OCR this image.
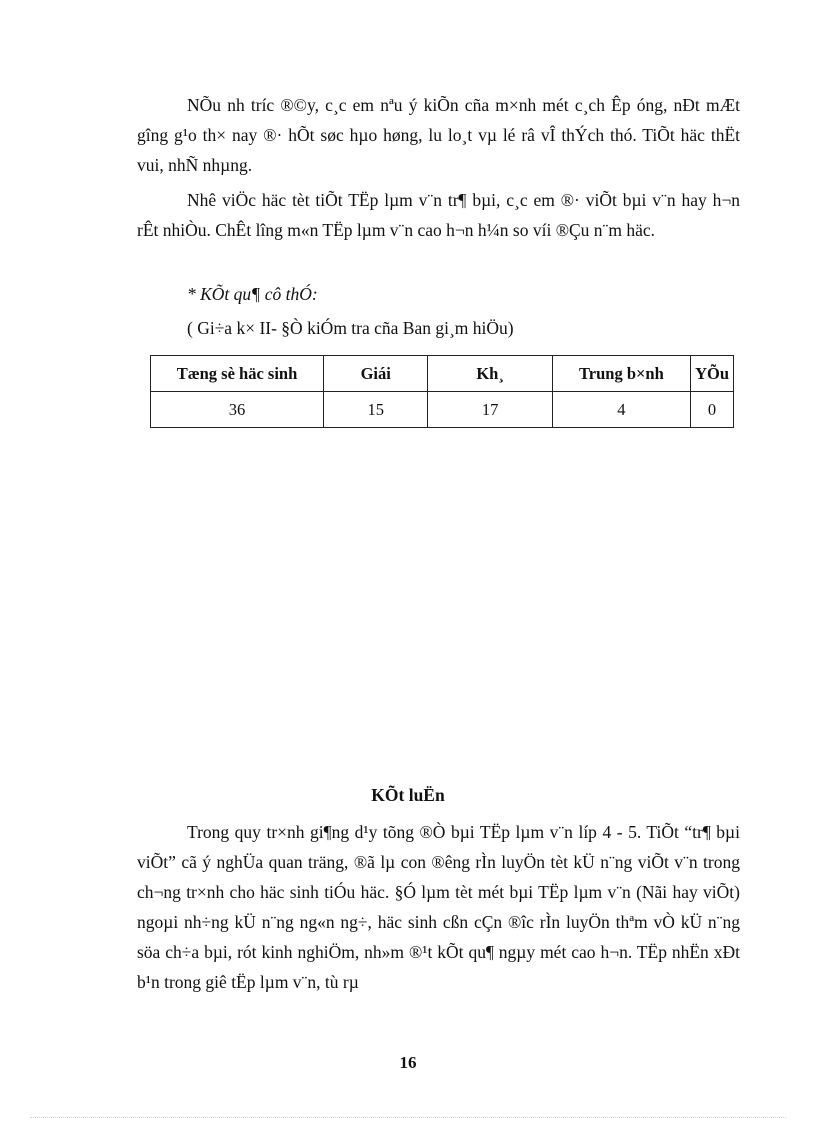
NÕu nh tríc ®©y, c¸c em nªu ý kiÕn cña m×nh mét c¸ch Êp óng, nÐt mÆt gîng g¹o th× nay ®· hÕt søc hµo høng, lu lo¸t vµ lé râ vÎ thÝch thó. TiÕt häc thËt vui, nhÑ nhµng.

Nhê viÖc häc tèt tiÕt TËp lµm v¨n tr¶ bµi, c¸c em ®· viÕt bµi v¨n hay h¬n rÊt nhiÒu. ChÊt lîng m«n TËp lµm v¨n cao h¬n h¼n so víi ®Çu n¨m häc.

* KÕt qu¶ cô thÓ:

( Gi÷a k× II- §Ò kiÓm tra cña Ban gi¸m hiÖu)

Tæng sè häc sinh	Giái	Kh¸	Trung b×nh	YÕu
36	15	17	4	0

KÕt luËn

Trong quy tr×nh gi¶ng d¹y tõng ®Ò bµi TËp lµm v¨n líp 4 - 5. TiÕt “tr¶ bµi viÕt” cã ý nghÜa quan träng, ®ã lµ con ®êng rÌn luyÖn tèt kÜ n¨ng viÕt v¨n trong ch¬ng tr×nh cho häc sinh tiÓu häc. §Ó lµm tèt mét bµi TËp lµm v¨n (Nãi hay viÕt) ngoµi nh÷ng kÜ n¨ng ng«n ng÷, häc sinh cßn cÇn ®îc rÌn luyÖn thªm vÒ kÜ n¨ng söa ch÷a bµi, rót kinh nghiÖm, nh»m ®¹t kÕt qu¶ ngµy mét cao h¬n. TËp nhËn xÐt b¹n trong giê tËp lµm v¨n, tù rµ

16
